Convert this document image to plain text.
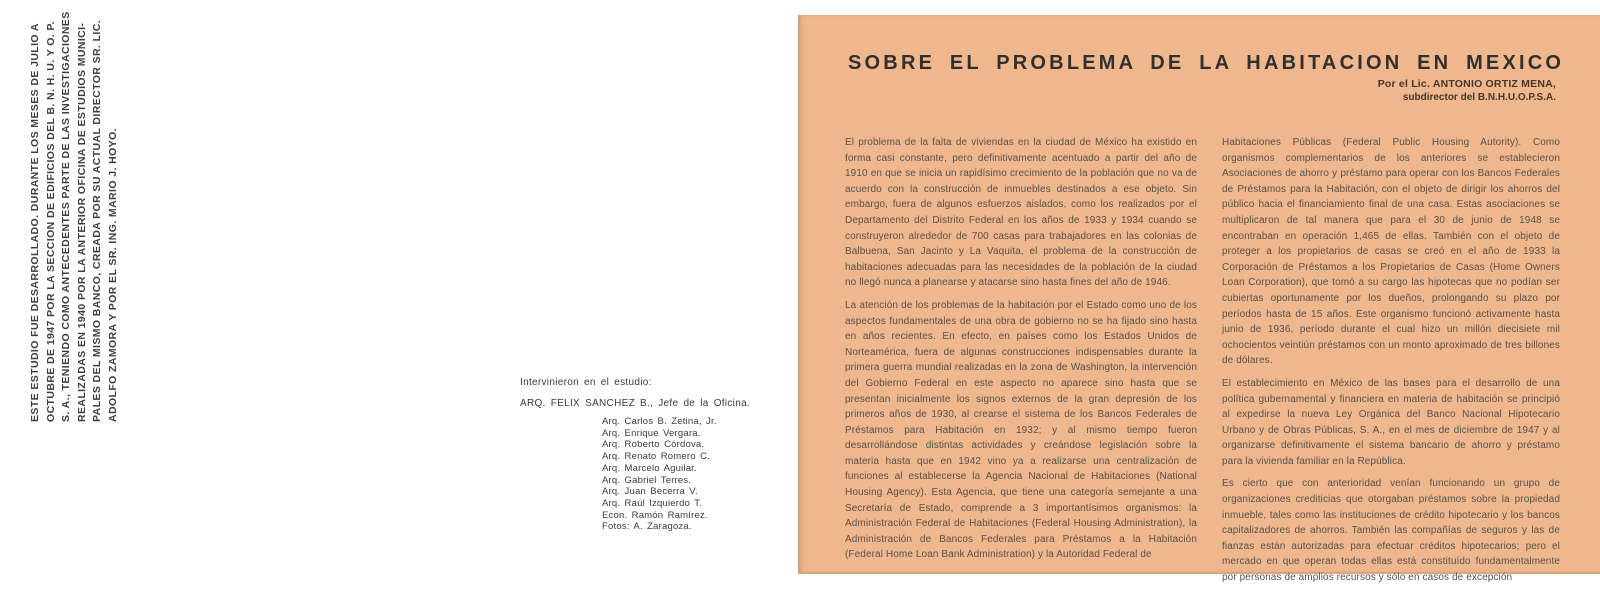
ESTE ESTUDIO FUE DESARROLLADO. DURANTE LOS MESES DE JULIO A OCTUBRE DE 1947 POR LA SECCION DE EDIFICIOS DEL B. N. H. U. Y O. P. S. A., TENIENDO COMO ANTECEDENTES PARTE DE LAS INVESTIGACIONES REALIZADAS EN 1940 POR LA ANTERIOR OFICINA DE ESTUDIOS MUNICI- PALES DEL MISMO BANCO, CREADA POR SU ACTUAL DIRECTOR SR. LIC. ADOLFO ZAMORA Y POR EL SR. ING. MARIO J. HOYO.	Intervinieron en el estudio:
ARQ. FELIX SANCHEZ B., Jefe de la Oficina.
Arq. Carlos B. Zetina, Jr.
Arq. Enrique Vergara.
Arq. Roberto Córdova.
Arq. Renato Romero C.
Arq. Marcelo Aguilar.
Arq. Gabriel Terres.
Arq. Juan Becerra V.
Arq. Raúl Izquierdo T.
Econ. Ramón Ramírez.
Fotos: A. Zaragoza.
SOBRE EL PROBLEMA DE LA HABITACION EN MEXICO
Por el Lic. ANTONIO ORTIZ MENA,
subdirector del B.N.H.U.O.P.S.A.

El problema de la falta de viviendas en la ciudad de México ha existido en forma casi constante, pero definitivamente acentuado a partir del año de 1910 en que se inicia un rapidísimo crecimiento de la población que no va de acuerdo con la construcción de inmuebles destinados a ese objeto. Sin embargo, fuera de algunos esfuerzos aislados, como los realizados por el Departamento del Distrito Federal en los años de 1933 y 1934 cuando se construyeron alrededor de 700 casas para trabajadores en las colonias de Balbuena, San Jacinto y La Vaquita, el problema de la construcción de habitaciones adecuadas para las necesidades de la población de la ciudad no llegó nunca a planearse y atacarse sino hasta fines del año de 1946.

La atención de los problemas de la habitación por el Estado como uno de los aspectos fundamentales de una obra de gobierno no se ha fijado sino hasta en años recientes. En efecto, en países como los Estados Unidos de Norteamérica, fuera de algunas construcciones indispensables durante la primera guerra mundial realizadas en la zona de Washington, la intervención del Gobierno Federal en este aspecto no aparece sino hasta que se presentan inicialmente los signos externos de la gran depresión de los primeros años de 1930, al crearse el sistema de los Bancos Federales de Préstamos para Habitación en 1932; y al mismo tiempo fueron desarrollándose distintas actividades y creándose legislación sobre la materia hasta que en 1942 vino ya a realizarse una centralización de funciones al establecerse la Agencia Nacional de Habitaciones (National Housing Agency). Esta Agencia, que tiene una categoría semejante a una Secretaría de Estado, comprende a 3 importantísimos organismos: la Administración Federal de Habitaciones (Federal Housing Administration), la Administración de Bancos Federales para Préstamos a la Habitación (Federal Home Loan Bank Administration) y la Autoridad Federal de

Habitaciones Públicas (Federal Public Housing Autority). Como organismos complementarios de los anteriores se establecieron Asociaciones de ahorro y préstamo para operar con los Bancos Federales de Préstamos para la Habitación, con el objeto de dirigir los ahorros del público hacia el financiamiento final de una casa. Estas asociaciones se multiplicaron de tal manera que para el 30 de junio de 1948 se encontraban en operación 1,465 de ellas. También con el objeto de proteger a los propietarios de casas se creó en el año de 1933 la Corporación de Préstamos a los Propietarios de Casas (Home Owners Loan Corporation), que tomó a su cargo las hipotecas que no podían ser cubiertas oportunamente por los dueños, prolongando su plazo por períodos hasta de 15 años. Este organismo funcionó activamente hasta junio de 1936, período durante el cual hizo un millón diecisiete mil ochocientos veintiún préstamos con un monto aproximado de tres billones de dólares.

El establecimiento en México de las bases para el desarrollo de una política gubernamental y financiera en materia de habitación se principió al expedirse la nueva Ley Orgánica del Banco Nacional Hipotecario Urbano y de Obras Públicas, S. A., en el mes de diciembre de 1947 y al organizarse definitivamente el sistema bancario de ahorro y préstamo para la vivienda familiar en la República.

Es cierto que con anterioridad venían funcionando un grupo de organizaciones crediticias que otorgaban préstamos sobre la propiedad inmueble, tales como las instituciones de crédito hipotecario y los bancos capitalizadores de ahorros. También las compañías de seguros y las de fianzas están autorizadas para efectuar créditos hipotecarios; pero el mercado en que operan todas ellas está constituído fundamentalmente por personas de amplios recursos y sólo en casos de excepción
